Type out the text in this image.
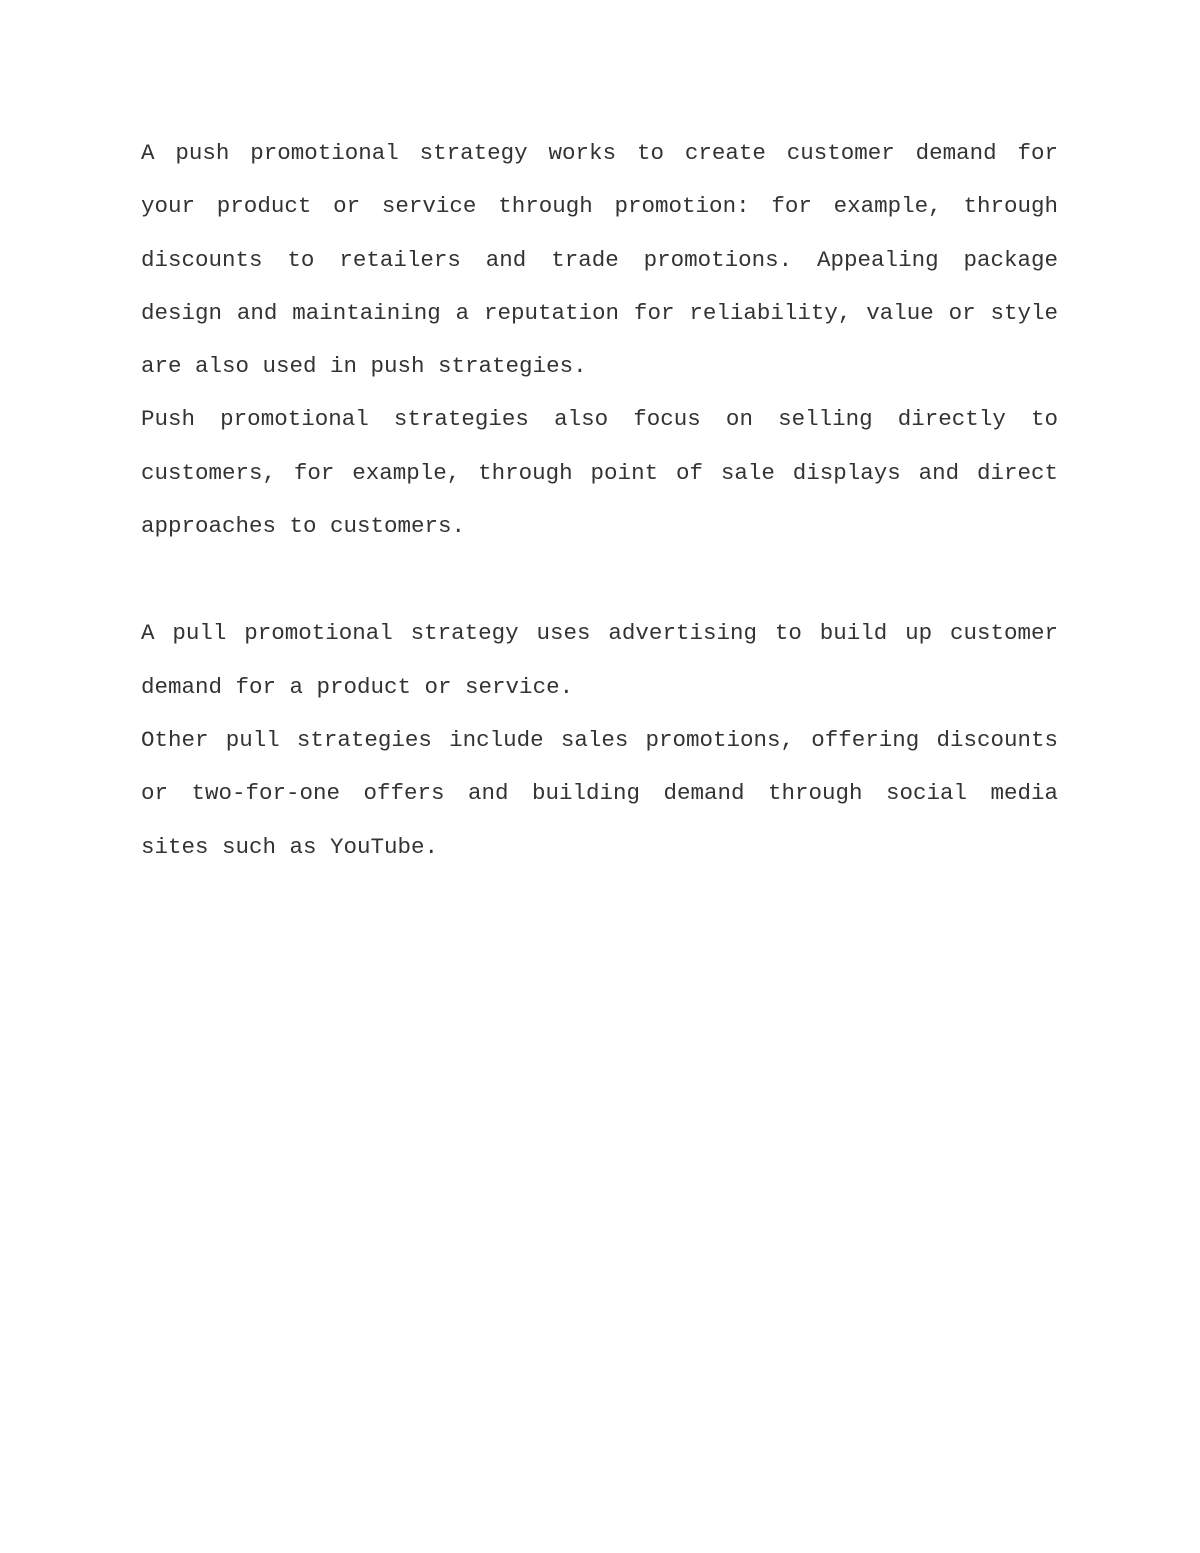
A push promotional strategy works to create customer demand for your product or service through promotion: for example, through discounts to retailers and trade promotions. Appealing package design and maintaining a reputation for reliability, value or style are also used in push strategies.

Push promotional strategies also focus on selling directly to customers, for example, through point of sale displays and direct approaches to customers.

A pull promotional strategy uses advertising to build up customer demand for a product or service.

Other pull strategies include sales promotions, offering discounts or two-for-one offers and building demand through social media sites such as YouTube.
